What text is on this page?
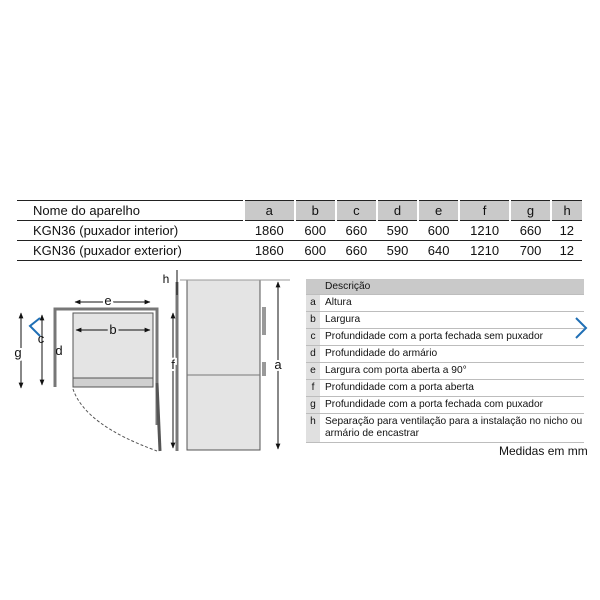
Nome do aparelho	a	b	c	d	e	f	g	h
KGN36 (puxador interior)	1860	600	660	590	600	1210	660	12
KGN36 (puxador exterior)	1860	600	660	590	640	1210	700	12
e
b
d
g
c
h
f	a
Descrição
a Altura
b Largura
c Profundidade com a porta fechada sem puxador
d Profundidade do armário
e Largura com porta aberta a 90°
f	Profundidade com a porta aberta
g Profundidade com a porta fechada com puxador
h Separação para ventilação para a instalação no nicho ou armário de encastrar
Medidas em mm
